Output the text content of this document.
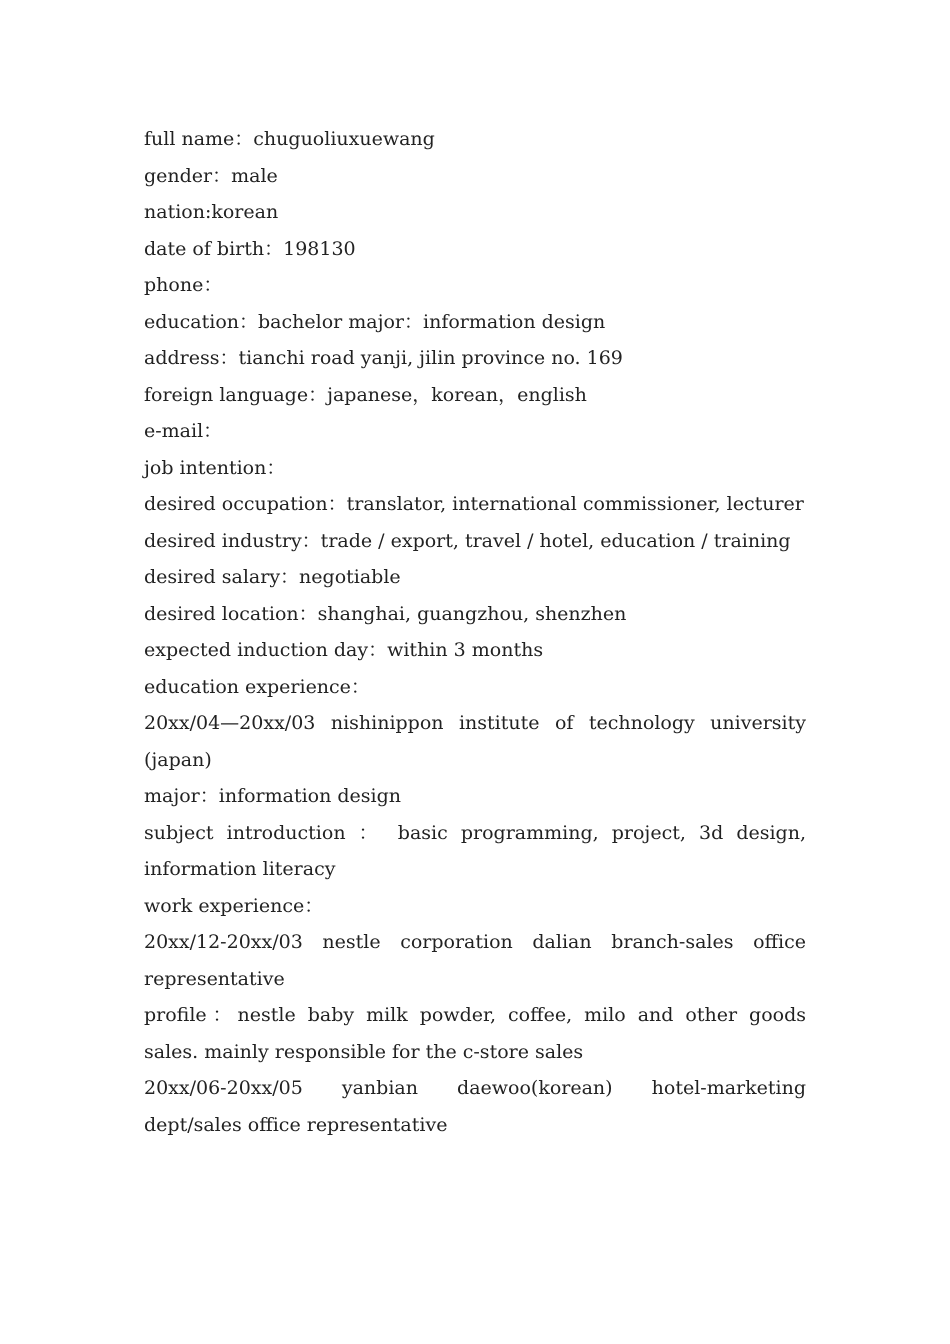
full name：chuguoliuxuewang

gender：male

nation:korean

date of birth：198130

phone：

education：bachelor major：information design

address：tianchi road yanji, jilin province no. 169

foreign language：japanese，korean，english

e-mail：

job intention：

desired occupation：translator, international commissioner, lecturer

desired industry：trade / export, travel / hotel, education / training

desired salary：negotiable

desired location：shanghai, guangzhou, shenzhen

expected induction day：within 3 months

education experience：

20xx/04—20xx/03 nishinippon institute of technology university (japan)

major：information design

subject introduction ： basic programming, project, 3d design, information literacy

work experience：

20xx/12-20xx/03 nestle corporation dalian branch-sales office representative

profile：nestle baby milk powder, coffee, milo and other goods sales. mainly responsible for the c-store sales

20xx/06-20xx/05 yanbian daewoo(korean) hotel-marketing dept/sales office representative
